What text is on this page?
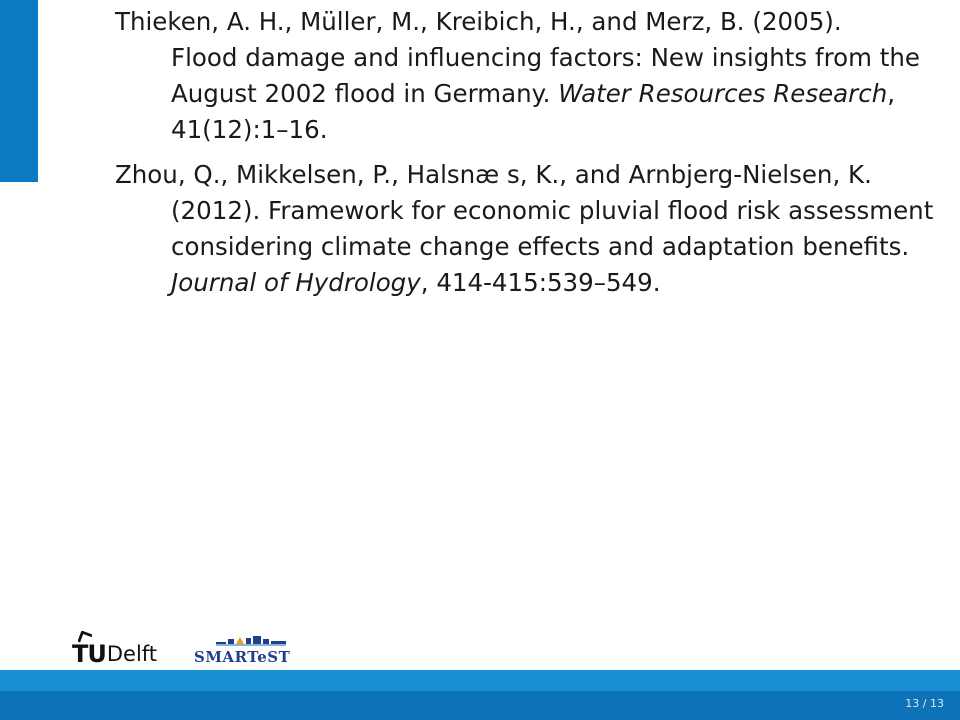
Thieken, A. H., Müller, M., Kreibich, H., and Merz, B. (2005).
Flood damage and influencing factors: New insights from the
August 2002 flood in Germany. Water Resources Research,
41(12):1–16.
Zhou, Q., Mikkelsen, P., Halsnæ s, K., and Arnbjerg-Nielsen, K.
(2012). Framework for economic pluvial flood risk assessment
considering climate change effects and adaptation benefits.
Journal of Hydrology, 414-415:539–549.
TU Delft SMARTeST
13 / 13
